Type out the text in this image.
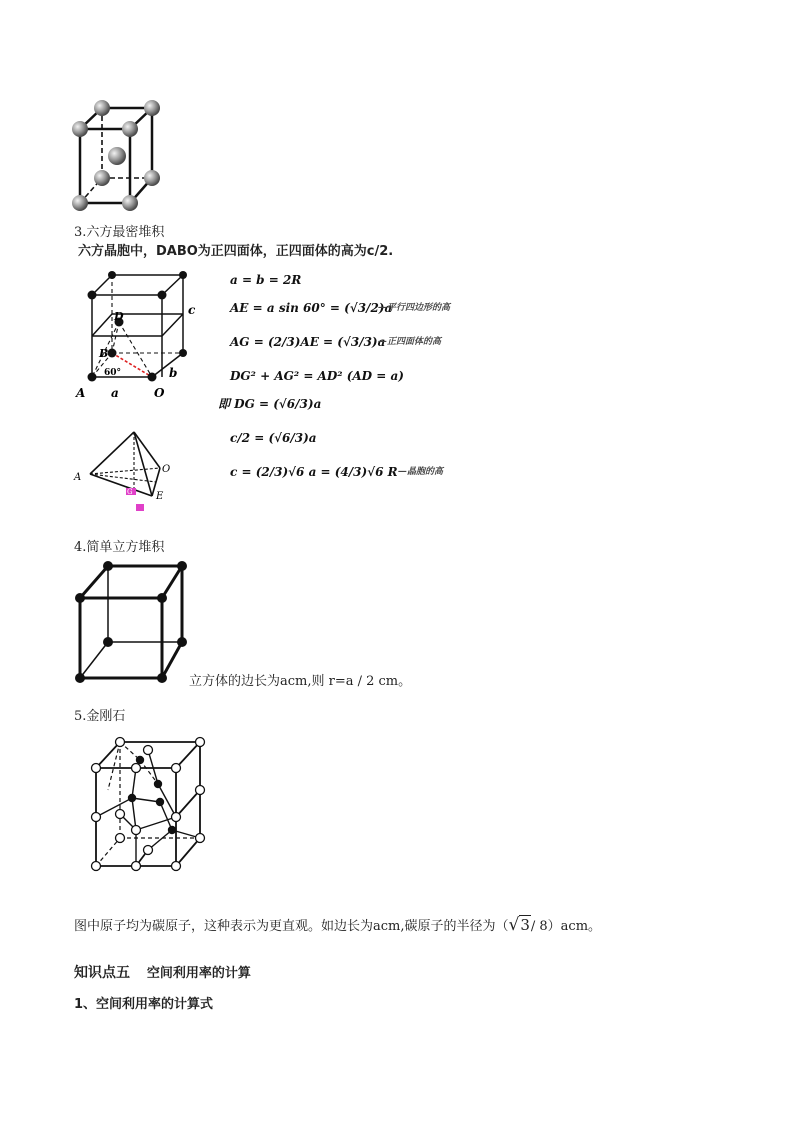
3.六方最密堆积
六方晶胞中，DABO为正四面体，正四面体的高为c/2.
c
D
B
60°	b
A a	O
A
O
E
G
a = b = 2R
AE = a sin 60° = (√3/2)a
—平行四边形的高
AG = (2/3)AE = (√3/3)a
—正四面体的高
DG² + AG² = AD² (AD = a)
即 DG = (√6/3)a
c/2 = (√6/3)a
c = (2/3)√6 a = (4/3)√6 R —晶胞的高
4.简单立方堆积
立方体的边长为acm,则 r=a / 2 cm。
5.金刚石
图中原子均为碳原子，这种表示为更直观。如边长为acm,碳原子的半径为（√3/ 8）acm。
知识点五 空间利用率的计算
1、空间利用率的计算式
